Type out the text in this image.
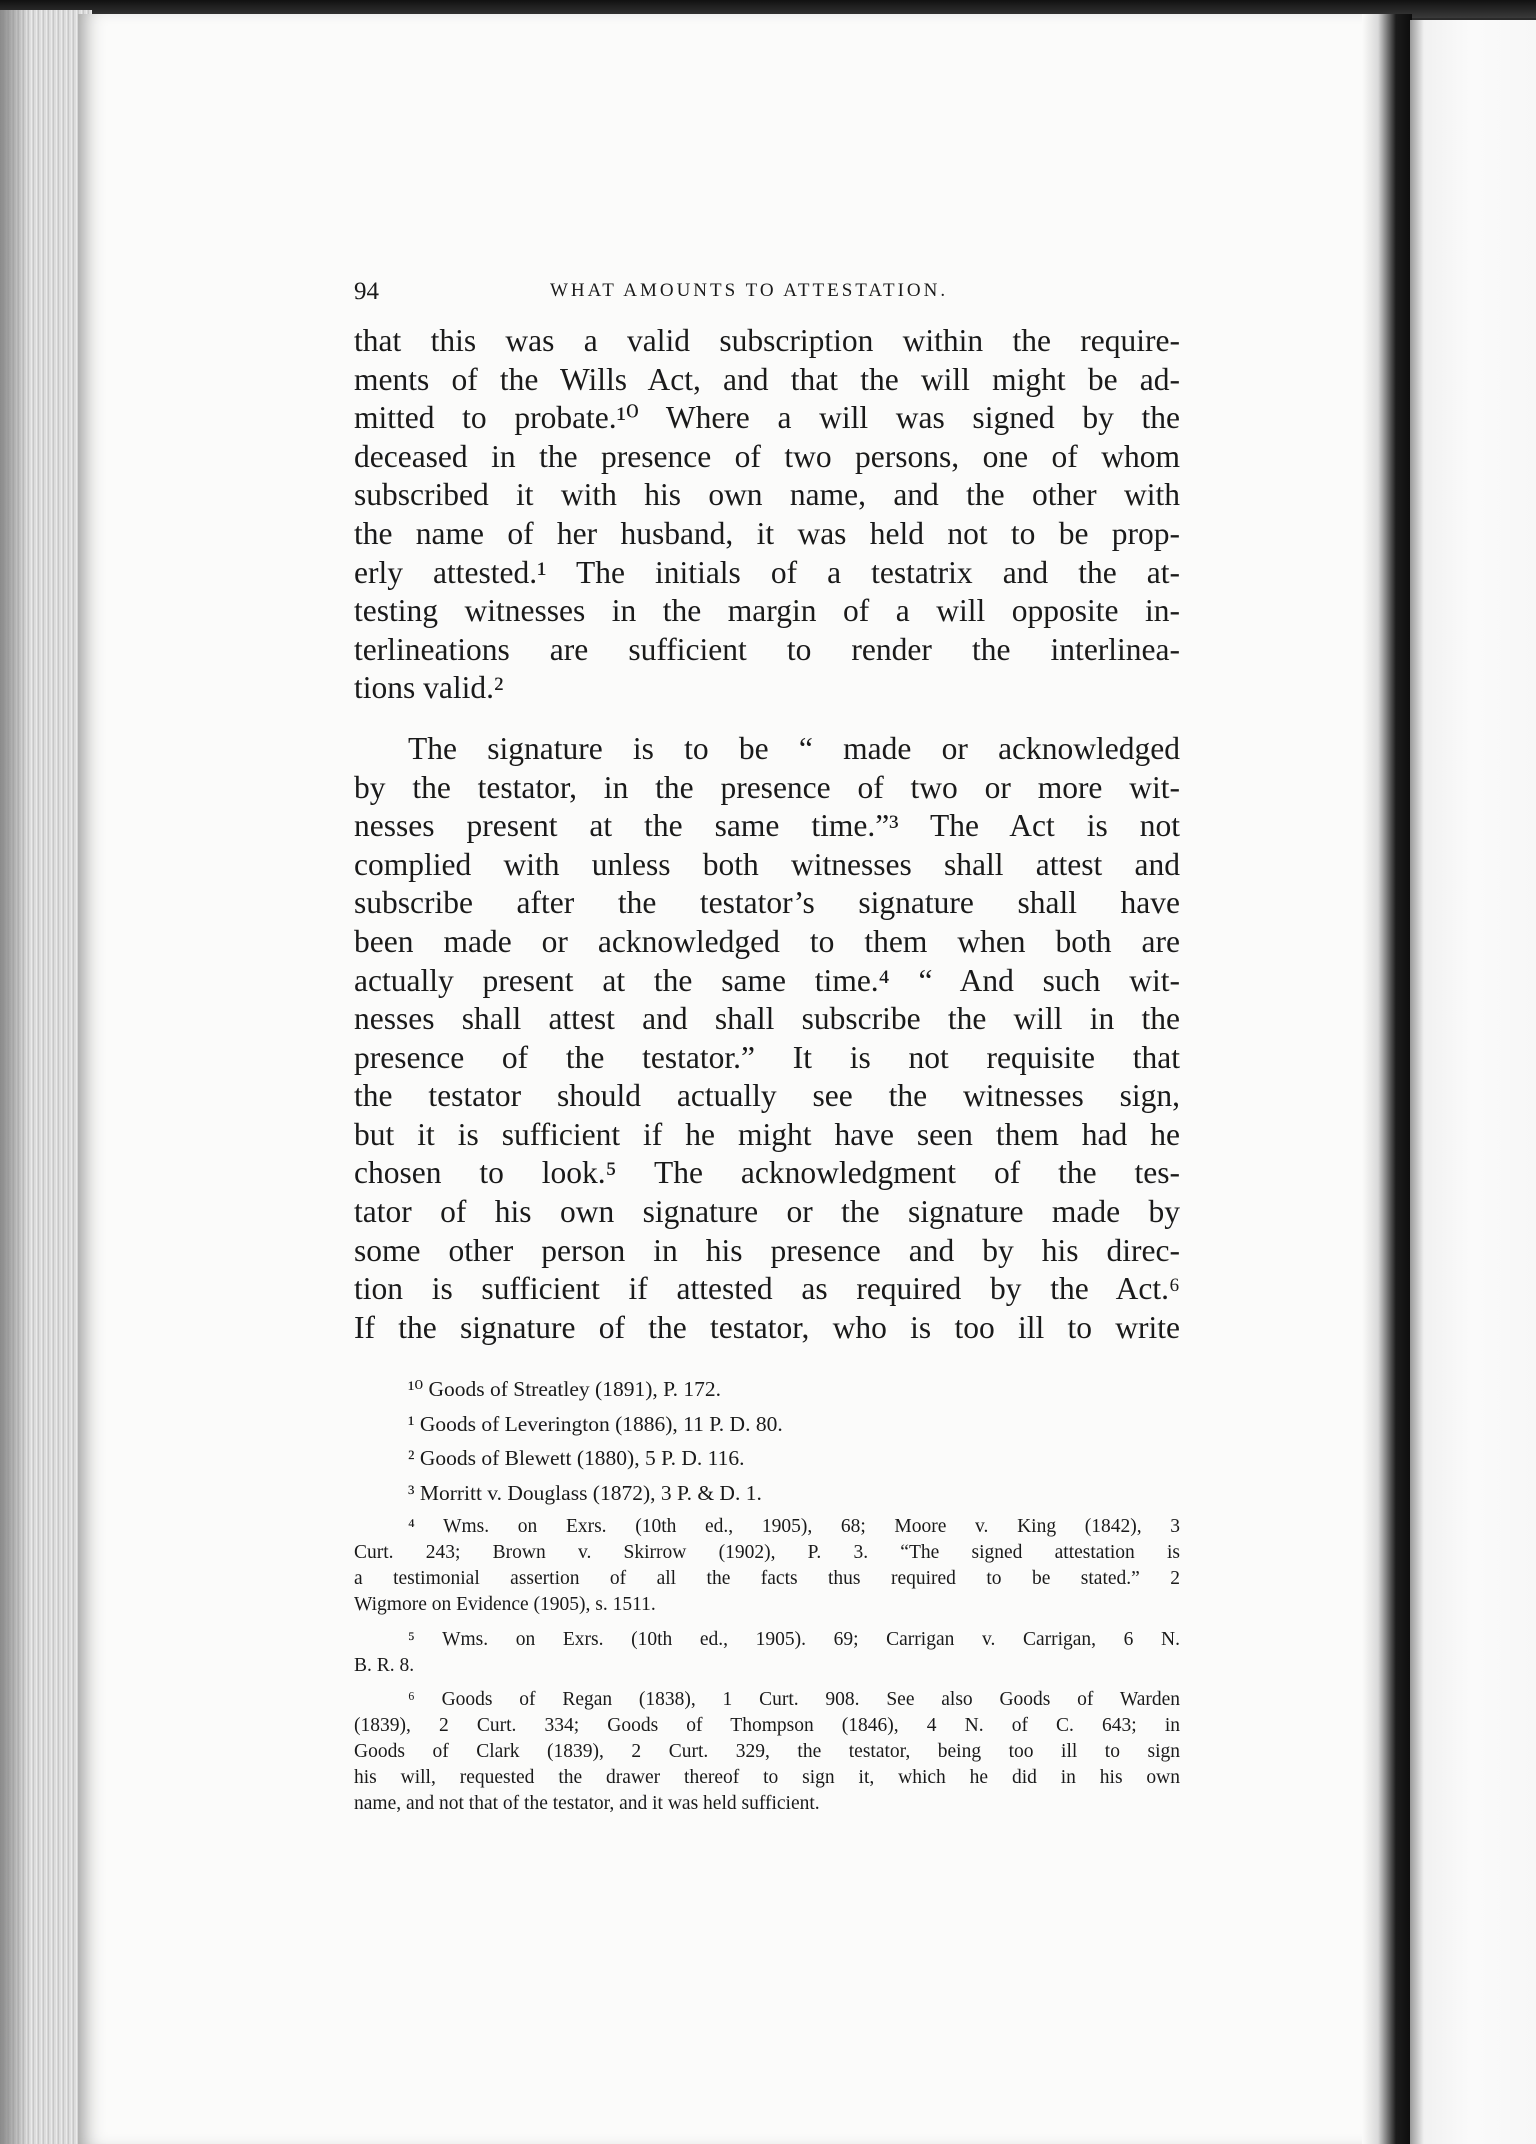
94	WHAT AMOUNTS TO ATTESTATION.
that this was a valid subscription within the require-
ments of the Wills Act, and that the will might be ad-
mitted to probate.¹⁰ Where a will was signed by the
deceased in the presence of two persons, one of whom
subscribed it with his own name, and the other with
the name of her husband, it was held not to be prop-
erly attested.¹ The initials of a testatrix and the at-
testing witnesses in the margin of a will opposite in-
terlineations are sufficient to render the interlinea-
tions valid.²
The signature is to be “ made or acknowledged
by the testator, in the presence of two or more wit-
nesses present at the same time.”³ The Act is not
complied with unless both witnesses shall attest and
subscribe after the testator’s signature shall have
been made or acknowledged to them when both are
actually present at the same time.⁴ “ And such wit-
nesses shall attest and shall subscribe the will in the
presence of the testator.” It is not requisite that
the testator should actually see the witnesses sign,
but it is sufficient if he might have seen them had he
chosen to look.⁵ The acknowledgment of the tes-
tator of his own signature or the signature made by
some other person in his presence and by his direc-
tion is sufficient if attested as required by the Act.⁶
If the signature of the testator, who is too ill to write
¹⁰ Goods of Streatley (1891), P. 172.
¹ Goods of Leverington (1886), 11 P. D. 80.
² Goods of Blewett (1880), 5 P. D. 116.
³ Morritt v. Douglass (1872), 3 P. & D. 1.
⁴ Wms. on Exrs. (10th ed., 1905), 68; Moore v. King (1842), 3
Curt. 243; Brown v. Skirrow (1902), P. 3. “The signed attestation is
a testimonial assertion of all the facts thus required to be stated.” 2
Wigmore on Evidence (1905), s. 1511.
⁵ Wms. on Exrs. (10th ed., 1905). 69; Carrigan v. Carrigan, 6 N.
B. R. 8.
⁶ Goods of Regan (1838), 1 Curt. 908. See also Goods of Warden
(1839), 2 Curt. 334; Goods of Thompson (1846), 4 N. of C. 643; in
Goods of Clark (1839), 2 Curt. 329, the testator, being too ill to sign
his will, requested the drawer thereof to sign it, which he did in his own
name, and not that of the testator, and it was held sufficient.
